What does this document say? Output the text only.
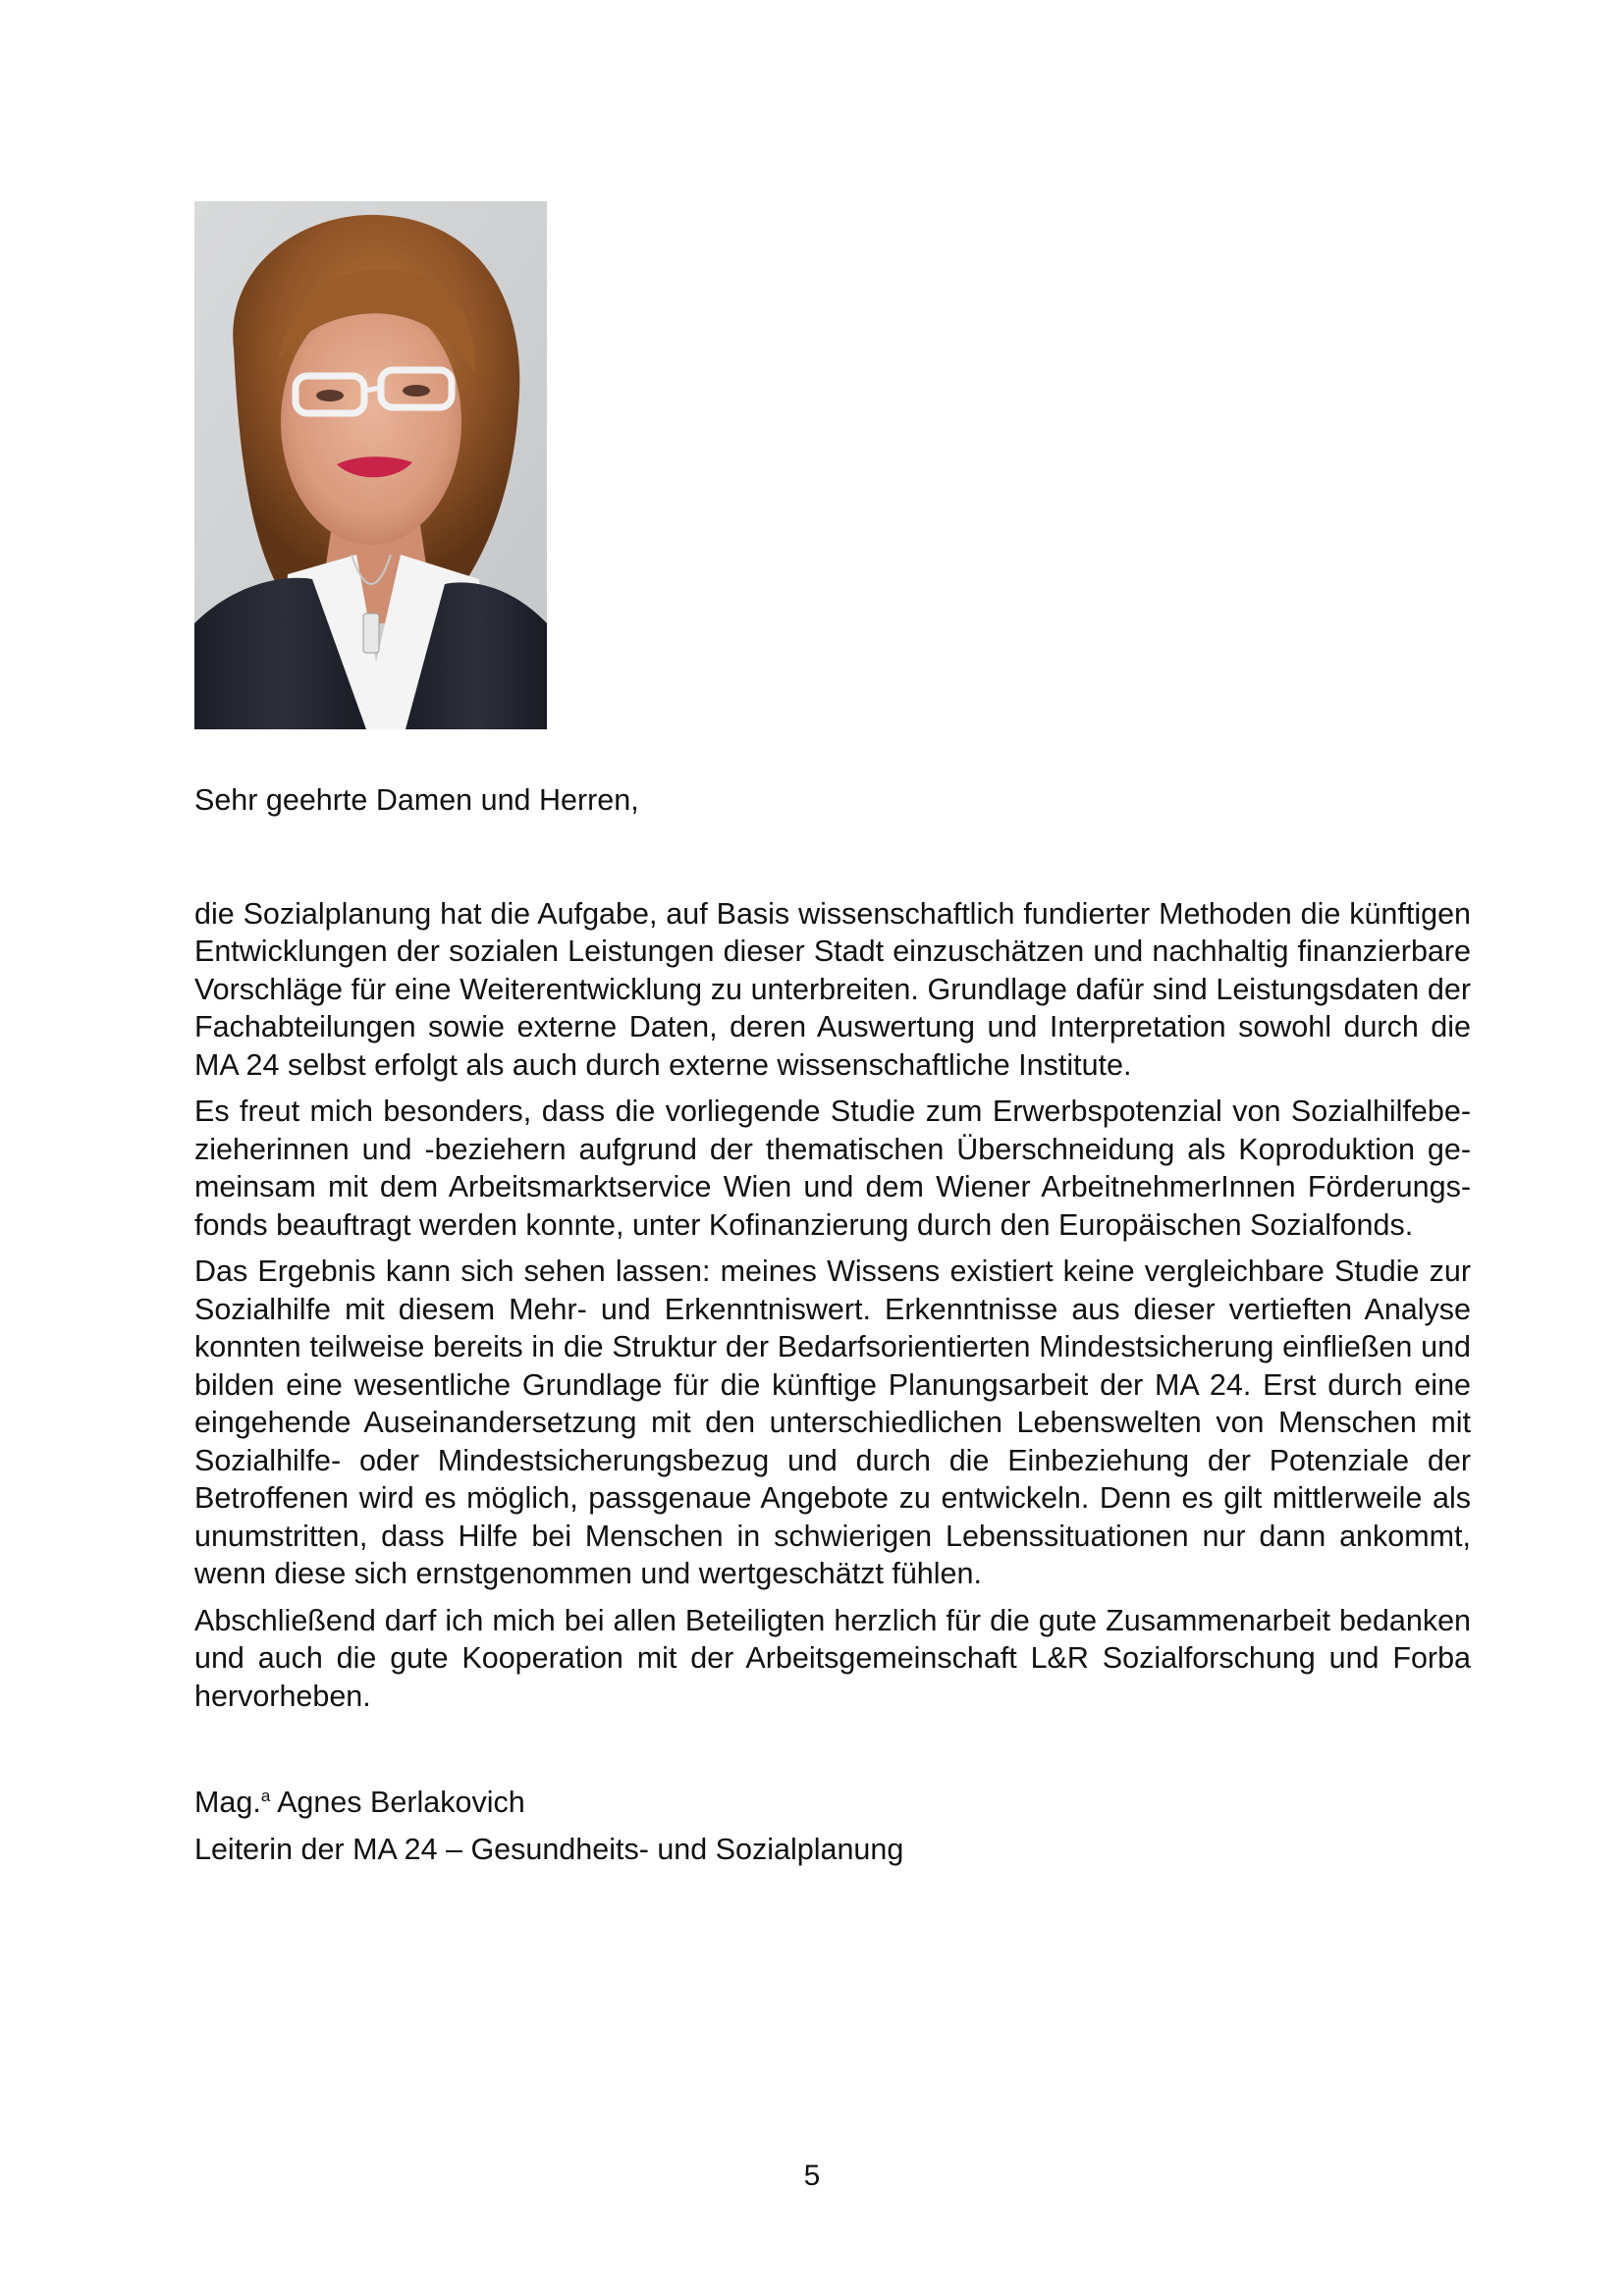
Sehr geehrte Damen und Herren,

die Sozialplanung hat die Aufgabe, auf Basis wissenschaftlich fundierter Methoden die künftigen Entwicklungen der sozialen Leistungen dieser Stadt einzuschätzen und nachhaltig finanzierbare Vorschläge für eine Weiterentwicklung zu unterbreiten. Grundlage dafür sind Leistungsdaten der Fachabteilungen sowie externe Daten, deren Auswertung und Interpretation sowohl durch die MA 24 selbst erfolgt als auch durch externe wissenschaftliche Institute.

Es freut mich besonders, dass die vorliegende Studie zum Erwerbspotenzial von Sozialhilfebezieherinnen und -beziehern aufgrund der thematischen Überschneidung als Koproduktion gemeinsam mit dem Arbeitsmarktservice Wien und dem Wiener ArbeitnehmerInnen Förderungsfonds beauftragt werden konnte, unter Kofinanzierung durch den Europäischen Sozialfonds.

Das Ergebnis kann sich sehen lassen: meines Wissens existiert keine vergleichbare Studie zur Sozialhilfe mit diesem Mehr- und Erkenntniswert. Erkenntnisse aus dieser vertieften Analyse konnten teilweise bereits in die Struktur der Bedarfsorientierten Mindestsicherung einfließen und bilden eine wesentliche Grundlage für die künftige Planungsarbeit der MA 24. Erst durch eine eingehende Auseinandersetzung mit den unterschiedlichen Lebenswelten von Menschen mit Sozialhilfe- oder Mindestsicherungsbezug und durch die Einbeziehung der Potenziale der Betroffenen wird es möglich, passgenaue Angebote zu entwickeln. Denn es gilt mittlerweile als unumstritten, dass Hilfe bei Menschen in schwierigen Lebenssituationen nur dann ankommt, wenn diese sich ernstgenommen und wertgeschätzt fühlen.

Abschließend darf ich mich bei allen Beteiligten herzlich für die gute Zusammenarbeit bedanken und auch die gute Kooperation mit der Arbeitsgemeinschaft L&R Sozialforschung und Forba hervorheben.

Mag.$^a$ Agnes Berlakovich

Leiterin der MA 24 – Gesundheits- und Sozialplanung

5
